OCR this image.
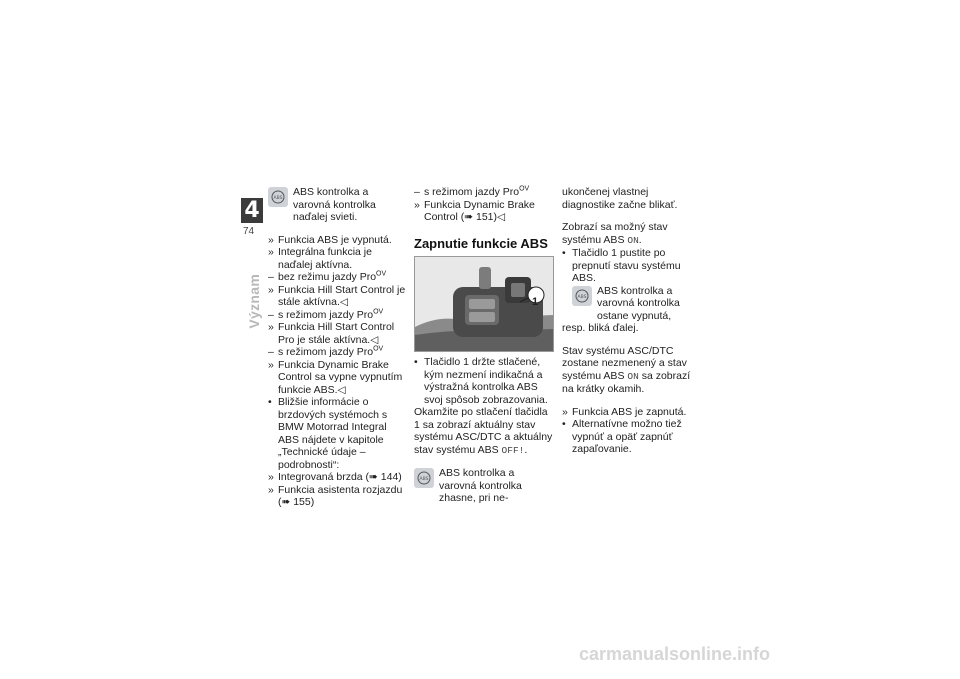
4
74
Význam
ABS

ABS kontrolka a varovná kontrolka naďalej svieti.

» Funkcia ABS je vypnutá.
» Integrálna funkcia je naďalej aktívna.
– bez režimu jazdy Pro$^{OV}$
» Funkcia Hill Start Control je stále aktívna.◁
– s režimom jazdy Pro$^{OV}$
» Funkcia Hill Start Control Pro je stále aktívna.◁
– s režimom jazdy Pro$^{OV}$
» Funkcia Dynamic Brake Control sa vypne vypnutím funkcie ABS.◁
• Bližšie informácie o brzdových systémoch s BMW Motorrad Integral ABS nájdete v kapitole „Technické údaje – podrobnosti“:
» Integrovaná brzda (➠ 144)
» Funkcia asistenta rozjazdu (➠ 155)
– s režimom jazdy Pro$^{OV}$
» Funkcia Dynamic Brake Control (➠ 151)◁
Zapnutie funkcie ABS
• Tlačidlo 1 držte stlačené, kým nezmení indikačná a výstražná kontrolka ABS svoj spôsob zobrazovania.

Okamžite po stlačení tlačidla 1 sa zobrazí aktuálny stav systému ASC/DTC a aktuálny stav systému ABS OFF!.

ABS

ABS kontrolka a varovná kontrolka zhasne, pri ne-

ukončenej vlastnej diagnostike začne blikať.

Zobrazí sa možný stav systému ABS ON.

• Tlačidlo 1 pustite po prepnutí stavu systému ABS.
ABS

ABS kontrolka a varovná kontrolka ostane vypnutá,

resp. bliká ďalej.

Stav systému ASC/DTC zostane nezmenený a stav systému ABS ON sa zobrazí na krátky okamih.

» Funkcia ABS je zapnutá.
• Alternatívne možno tiež vypnúť a opäť zapnúť zapaľovanie.
carmanualsonline.info
